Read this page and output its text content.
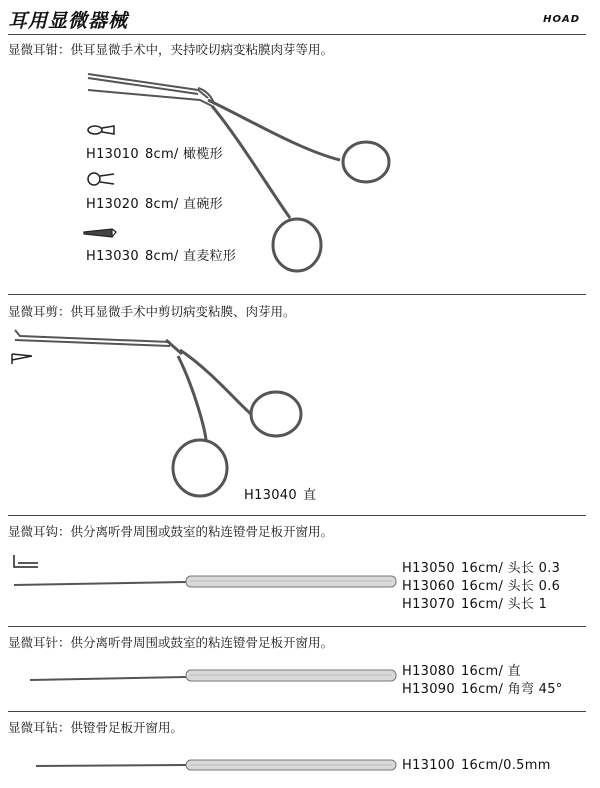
耳用显微器械	HOAD
显微耳钳：供耳显微手术中，夹持咬切病变粘膜肉芽等用。
H13010 8cm/ 橄榄形
H13020 8cm/ 直碗形
H13030 8cm/ 直麦粒形
显微耳剪：供耳显微手术中剪切病变粘膜、肉芽用。
H13040 直
显微耳钩：供分离听骨周围或鼓室的粘连镫骨足板开窗用。
H13050 16cm/ 头长 0.3
H13060 16cm/ 头长 0.6
H13070 16cm/ 头长 1
显微耳针：供分离听骨周围或鼓室的粘连镫骨足板开窗用。
H13080 16cm/ 直
H13090 16cm/ 角弯 45°
显微耳钻：供镫骨足板开窗用。
H13100 16cm/0.5mm
